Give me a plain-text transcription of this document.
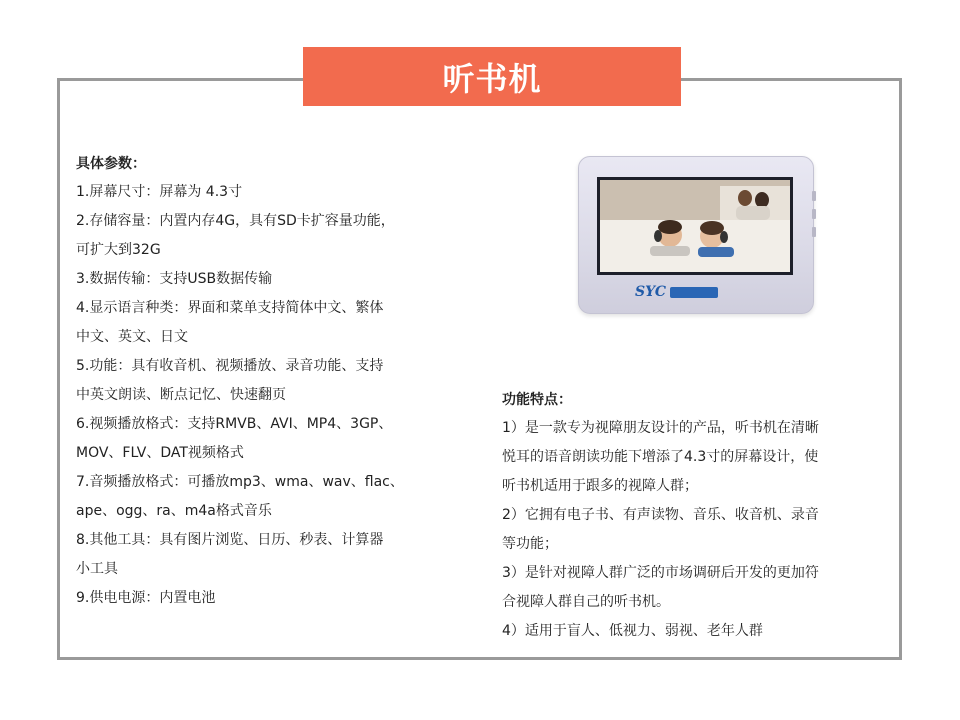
听书机
具体参数：
1.屏幕尺寸：屏幕为 4.3寸
2.存储容量：内置内存4G，具有SD卡扩容量功能，
可扩大到32G
3.数据传输：支持USB数据传输
4.显示语言种类：界面和菜单支持简体中文、繁体
中文、英文、日文
5.功能：具有收音机、视频播放、录音功能、支持
中英文朗读、断点记忆、快速翻页
6.视频播放格式：支持RMVB、AVI、MP4、3GP、
MOV、FLV、DAT视频格式
7.音频播放格式：可播放mp3、wma、wav、flac、
ape、ogg、ra、m4a格式音乐
8.其他工具：具有图片浏览、日历、秒表、计算器
小工具
9.供电电源：内置电池
SYC
功能特点：
1）是一款专为视障朋友设计的产品，听书机在清晰
悦耳的语音朗读功能下增添了4.3寸的屏幕设计，使
听书机适用于跟多的视障人群；
2）它拥有电子书、有声读物、音乐、收音机、录音
等功能；
3）是针对视障人群广泛的市场调研后开发的更加符
合视障人群自己的听书机。
4）适用于盲人、低视力、弱视、老年人群
